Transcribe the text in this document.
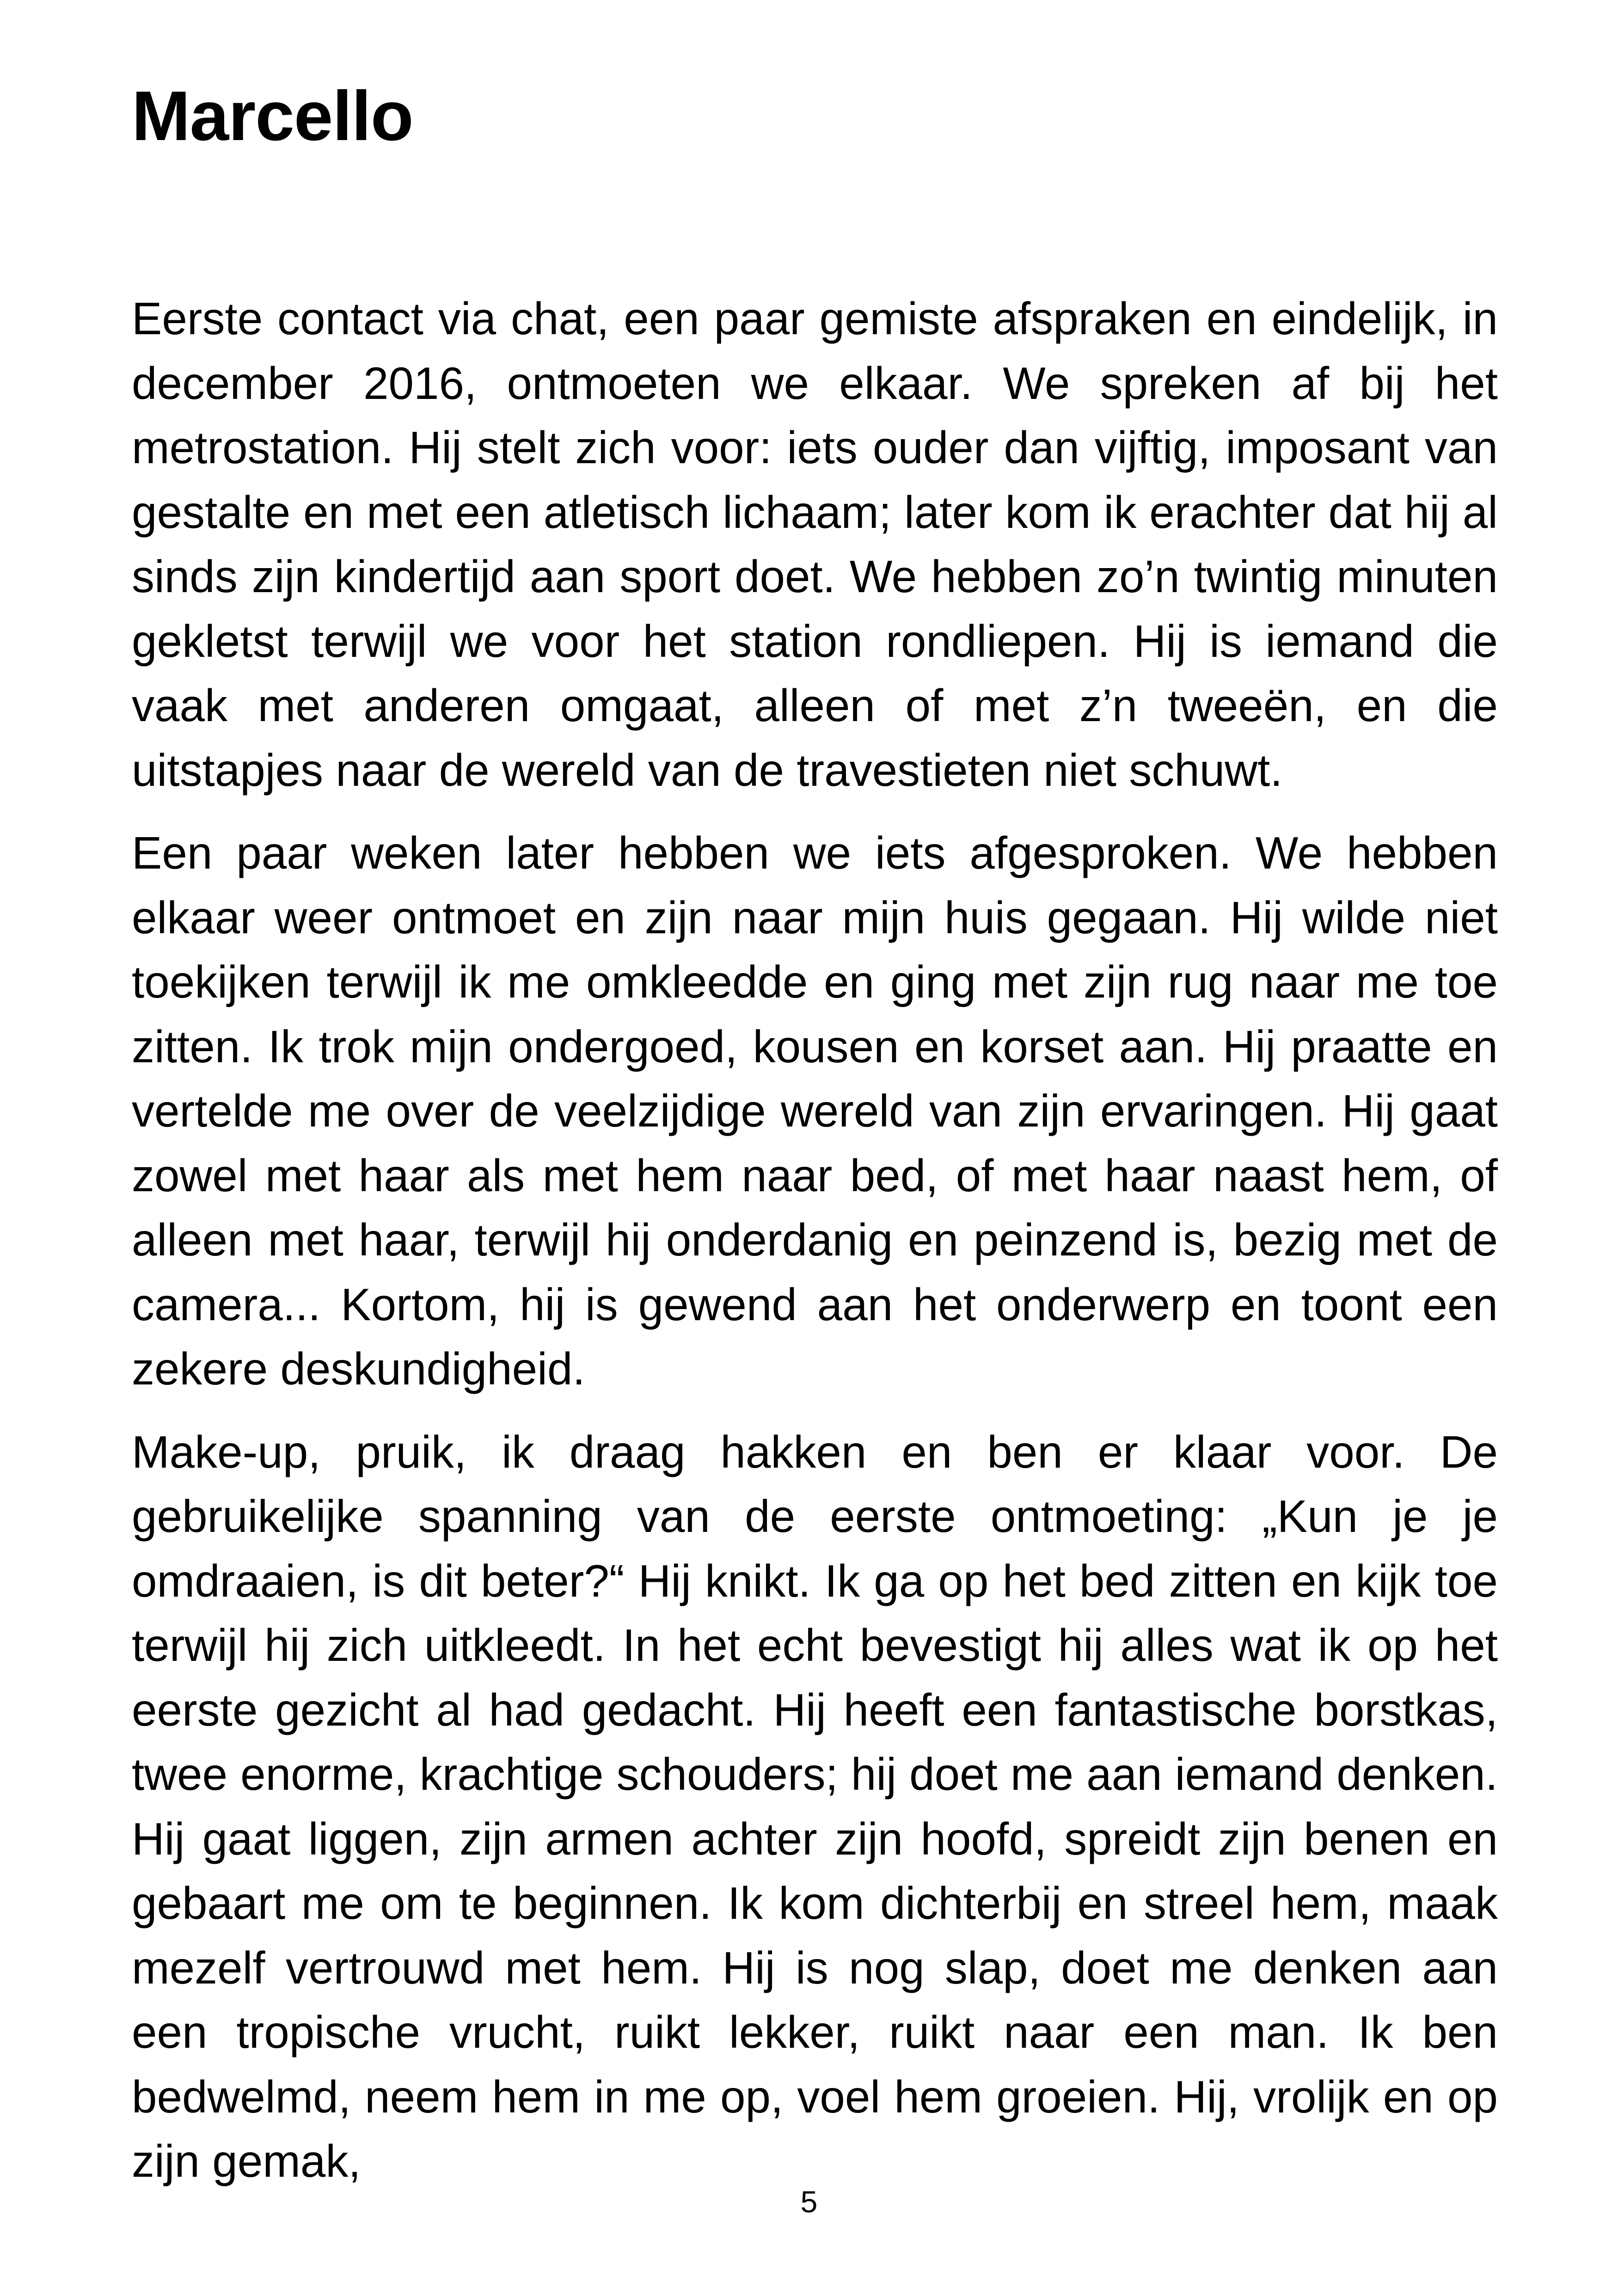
Marcello

Eerste contact via chat, een paar gemiste afspraken en eindelijk, in december 2016, ontmoeten we elkaar. We spreken af bij het metrostation. Hij stelt zich voor: iets ouder dan vijftig, imposant van gestalte en met een atletisch lichaam; later kom ik erachter dat hij al sinds zijn kindertijd aan sport doet. We hebben zo’n twintig minuten gekletst terwijl we voor het station rondliepen. Hij is iemand die vaak met anderen omgaat, alleen of met z’n tweeën, en die uitstapjes naar de wereld van de travestieten niet schuwt.

Een paar weken later hebben we iets afgesproken. We hebben elkaar weer ontmoet en zijn naar mijn huis gegaan. Hij wilde niet toekijken terwijl ik me omkleedde en ging met zijn rug naar me toe zitten. Ik trok mijn ondergoed, kousen en korset aan. Hij praatte en vertelde me over de veelzijdige wereld van zijn ervaringen. Hij gaat zowel met haar als met hem naar bed, of met haar naast hem, of alleen met haar, terwijl hij onderdanig en peinzend is, bezig met de camera... Kortom, hij is gewend aan het onderwerp en toont een zekere deskundigheid.

Make-up, pruik, ik draag hakken en ben er klaar voor. De gebruikelijke spanning van de eerste ontmoeting: „Kun je je omdraaien, is dit beter?“ Hij knikt. Ik ga op het bed zitten en kijk toe terwijl hij zich uitkleedt. In het echt bevestigt hij alles wat ik op het eerste gezicht al had gedacht. Hij heeft een fantastische borstkas, twee enorme, krachtige schouders; hij doet me aan iemand denken. Hij gaat liggen, zijn armen achter zijn hoofd, spreidt zijn benen en gebaart me om te beginnen. Ik kom dichterbij en streel hem, maak mezelf vertrouwd met hem. Hij is nog slap, doet me denken aan een tropische vrucht, ruikt lekker, ruikt naar een man. Ik ben bedwelmd, neem hem in me op, voel hem groeien. Hij, vrolijk en op zijn gemak,

5
